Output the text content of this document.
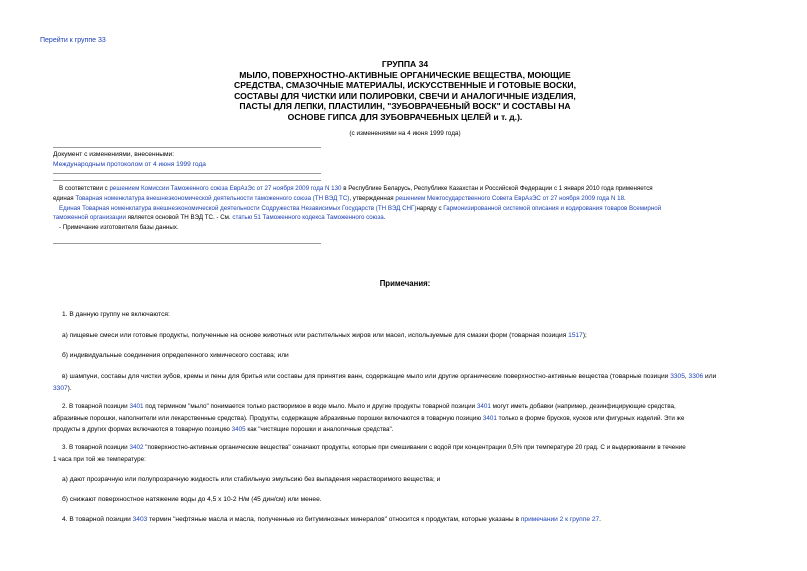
Перейти к группе 33
ГРУППА 34
МЫЛО, ПОВЕРХНОСТНО-АКТИВНЫЕ ОРГАНИЧЕСКИЕ ВЕЩЕСТВА, МОЮЩИЕ
СРЕДСТВА, СМАЗОЧНЫЕ МАТЕРИАЛЫ, ИСКУССТВЕННЫЕ И ГОТОВЫЕ ВОСКИ,
СОСТАВЫ ДЛЯ ЧИСТКИ ИЛИ ПОЛИРОВКИ, СВЕЧИ И АНАЛОГИЧНЫЕ ИЗДЕЛИЯ,
ПАСТЫ ДЛЯ ЛЕПКИ, ПЛАСТИЛИН, "ЗУБОВРАЧЕБНЫЙ ВОСК" И СОСТАВЫ НА
ОСНОВЕ ГИПСА ДЛЯ ЗУБОВРАЧЕБНЫХ ЦЕЛЕЙ и т. д.).
(с изменениями на 4 июня 1999 года)
Документ с изменениями, внесенными:
Международным протоколом от 4 июня 1999 года
В соответствии с решением Комиссии Таможенного союза ЕврАзЭс от 27 ноября 2009 года N 130 в Республике Беларусь, Республике Казахстан и Российской Федерации с 1 января 2010 года применяется
единая Товарная номенклатура внешнеэкономической деятельности таможенного союза (ТН ВЭД ТС), утвержденная решением Межгосударственного Совета ЕврАзЭС от 27 ноября 2009 года N 18.
Единая Товарная номенклатура внешнеэкономической деятельности Содружества Независимых Государств (ТН ВЭД СНГ)наряду с Гармонизированной системой описания и кодирования товаров Всемирной
таможенной организации является основой ТН ВЭД ТС. - См. статью 51 Таможенного кодекса Таможенного союза.
- Примечание изготовителя базы данных.
Примечания:
1. В данную группу не включаются:
а) пищевые смеси или готовые продукты, полученные на основе животных или растительных жиров или масел, используемые для смазки форм (товарная позиция 1517);
б) индивидуальные соединения определенного химического состава; или
в) шампуни, составы для чистки зубов, кремы и пены для бритья или составы для принятия ванн, содержащие мыло или другие органические поверхностно-активные вещества (товарные позиции 3305, 3306 или
3307).
2. В товарной позиции 3401 под термином "мыло" понимается только растворимое в воде мыло. Мыло и другие продукты товарной позиции 3401 могут иметь добавки (например, дезинфицирующие средства,
абразивные порошки, наполнители или лекарственные средства). Продукты, содержащие абразивные порошки включаются в товарную позицию 3401 только в форме брусков, кусков или фигурных изделий. Эти же
продукты в других формах включаются в товарную позицию 3405 как "чистящие порошки и аналогичные средства".
3. В товарной позиции 3402 "поверхностно-активные органические вещества" означают продукты, которые при смешивании с водой при концентрации 0,5% при температуре 20 град. С и выдерживании в течение
1 часа при той же температуре:
а) дают прозрачную или полупрозрачную жидкость или стабильную эмульсию без выпадения нерастворимого вещества; и
б) снижают поверхностное натяжение воды до 4,5 х 10-2 Н/м (45 дин/см) или менее.
4. В товарной позиции 3403 термин "нефтяные масла и масла, полученные из битуминозных минералов" относится к продуктам, которые указаны в примечании 2 к группе 27.
